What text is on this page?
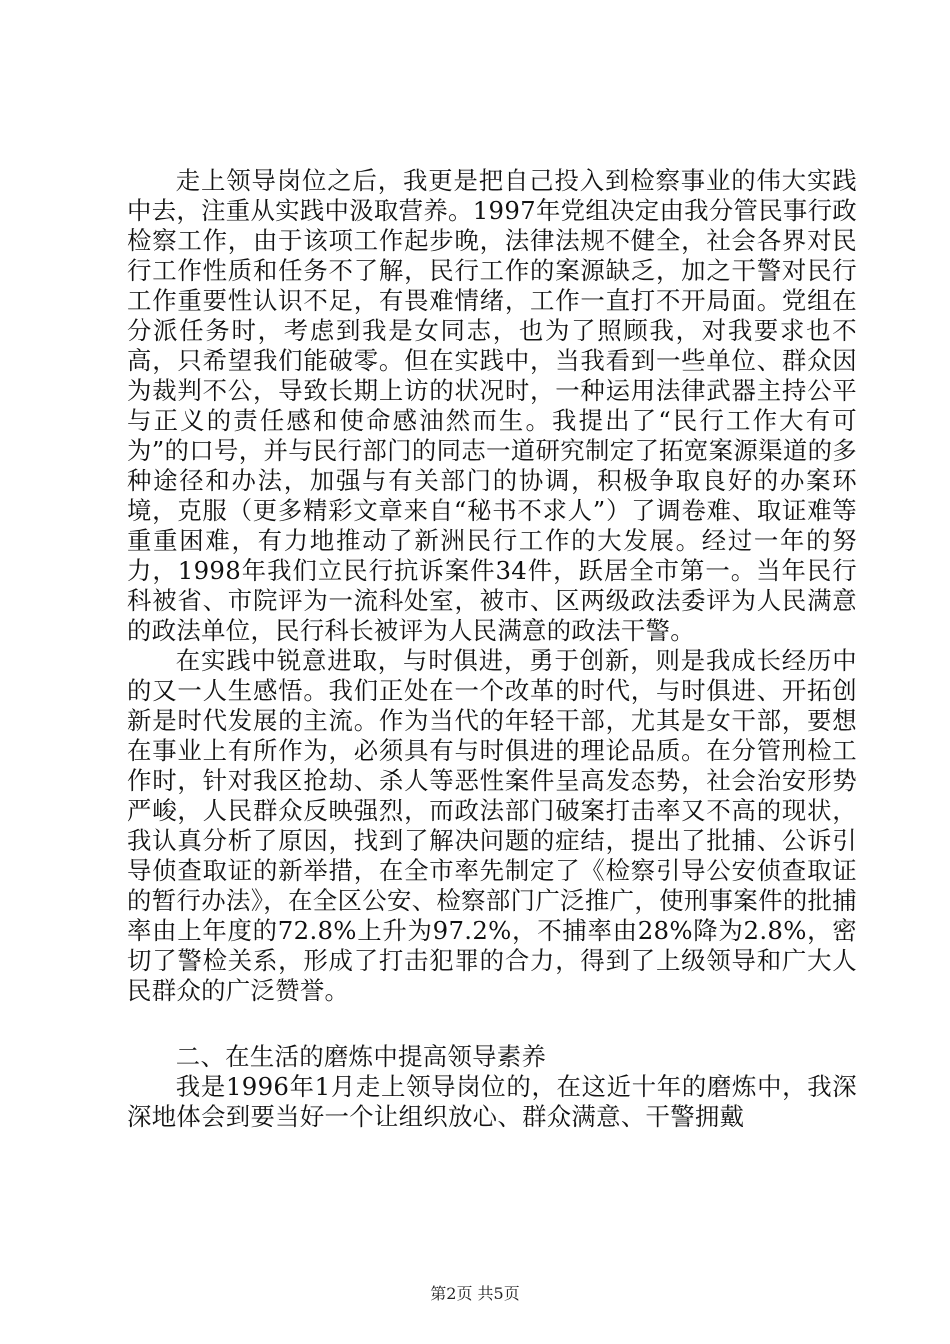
走上领导岗位之后，我更是把自己投入到检察事业的伟大实践中去，注重从实践中汲取营养。1997年党组决定由我分管民事行政检察工作，由于该项工作起步晚，法律法规不健全，社会各界对民行工作性质和任务不了解，民行工作的案源缺乏，加之干警对民行工作重要性认识不足，有畏难情绪，工作一直打不开局面。党组在分派任务时，考虑到我是女同志，也为了照顾我，对我要求也不高，只希望我们能破零。但在实践中，当我看到一些单位、群众因为裁判不公，导致长期上访的状况时，一种运用法律武器主持公平与正义的责任感和使命感油然而生。我提出了“民行工作大有可为”的口号，并与民行部门的同志一道研究制定了拓宽案源渠道的多种途径和办法，加强与有关部门的协调，积极争取良好的办案环境，克服（更多精彩文章来自“秘书不求人”）了调卷难、取证难等重重困难，有力地推动了新洲民行工作的大发展。经过一年的努力，1998年我们立民行抗诉案件34件，跃居全市第一。当年民行科被省、市院评为一流科处室，被市、区两级政法委评为人民满意的政法单位，民行科长被评为人民满意的政法干警。

在实践中锐意进取，与时俱进，勇于创新，则是我成长经历中的又一人生感悟。我们正处在一个改革的时代，与时俱进、开拓创新是时代发展的主流。作为当代的年轻干部，尤其是女干部，要想在事业上有所作为，必须具有与时俱进的理论品质。在分管刑检工作时，针对我区抢劫、杀人等恶性案件呈高发态势，社会治安形势严峻，人民群众反映强烈，而政法部门破案打击率又不高的现状，我认真分析了原因，找到了解决问题的症结，提出了批捕、公诉引导侦查取证的新举措，在全市率先制定了《检察引导公安侦查取证的暂行办法》，在全区公安、检察部门广泛推广，使刑事案件的批捕率由上年度的72.8%上升为97.2%，不捕率由28%降为2.8%，密切了警检关系，形成了打击犯罪的合力，得到了上级领导和广大人民群众的广泛赞誉。

二、在生活的磨炼中提高领导素养

我是1996年1月走上领导岗位的，在这近十年的磨炼中，我深深地体会到要当好一个让组织放心、群众满意、干警拥戴

第2页 共5页
